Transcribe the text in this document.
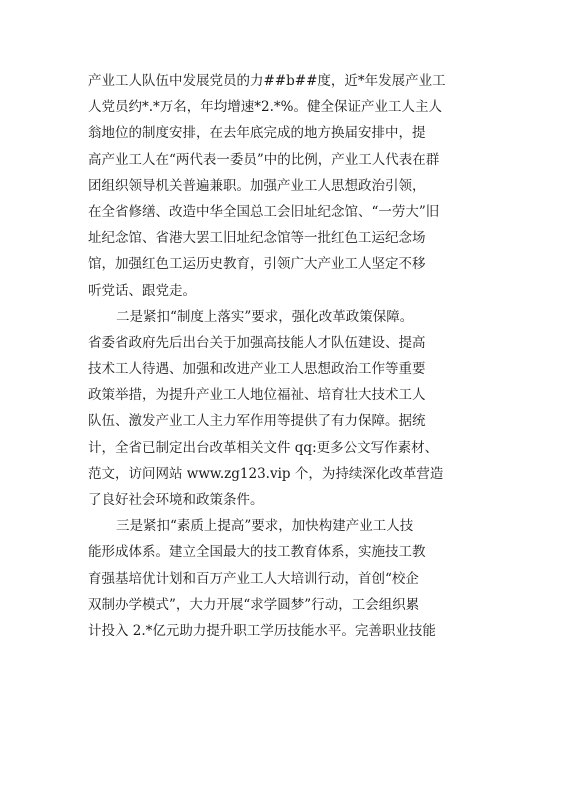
产业工人队伍中发展党员的力##b##度，近*年发展产业工
人党员约*.*万名，年均增速*2.*%。健全保证产业工人主人
翁地位的制度安排，在去年底完成的地方换届安排中，提
高产业工人在“两代表一委员”中的比例，产业工人代表在群
团组织领导机关普遍兼职。加强产业工人思想政治引领，
在全省修缮、改造中华全国总工会旧址纪念馆、“一劳大”旧
址纪念馆、省港大罢工旧址纪念馆等一批红色工运纪念场
馆，加强红色工运历史教育，引领广大产业工人坚定不移
听党话、跟党走。
二是紧扣“制度上落实”要求，强化改革政策保障。
省委省政府先后出台关于加强高技能人才队伍建设、提高
技术工人待遇、加强和改进产业工人思想政治工作等重要
政策举措，为提升产业工人地位福祉、培育壮大技术工人
队伍、激发产业工人主力军作用等提供了有力保障。据统
计，全省已制定出台改革相关文件 qq:更多公文写作素材、
范文，访问网站 www.zg123.vip 个，为持续深化改革营造
了良好社会环境和政策条件。
三是紧扣“素质上提高”要求，加快构建产业工人技
能形成体系。建立全国最大的技工教育体系，实施技工教
育强基培优计划和百万产业工人大培训行动，首创“校企
双制办学模式”，大力开展“求学圆梦”行动，工会组织累
计投入 2.*亿元助力提升职工学历技能水平。完善职业技能
